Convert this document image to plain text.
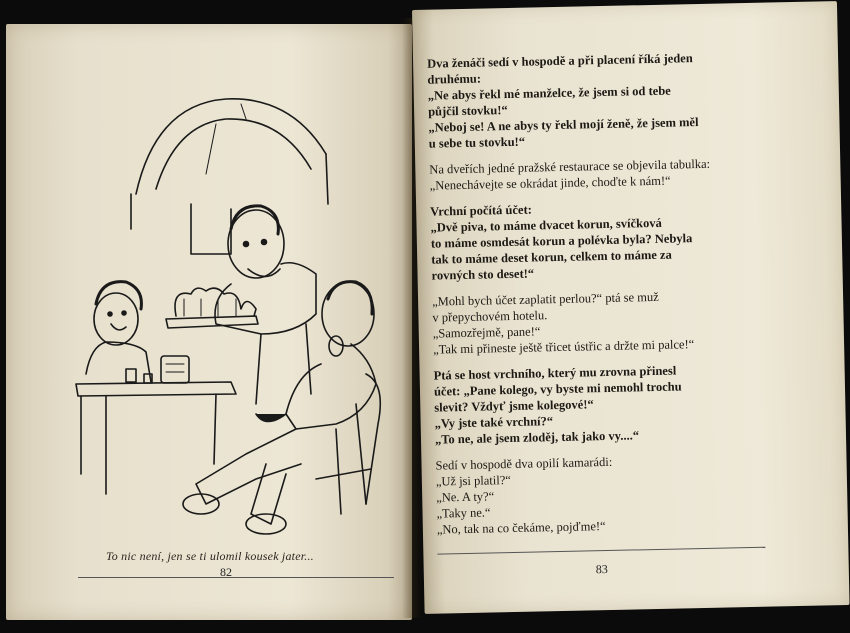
To nic není, jen se ti ulomil kousek jater...
82

Dva ženáči sedí v hospodě a při placení říká jeden
druhému:
„Ne abys řekl mé manželce, že jsem si od tebe
půjčil stovku!“
„Neboj se! A ne abys ty řekl mojí ženě, že jsem měl
u sebe tu stovku!“

Na dveřích jedné pražské restaurace se objevila tabulka:
„Nenechávejte se okrádat jinde, choďte k nám!“

Vrchní počítá účet:
„Dvě piva, to máme dvacet korun, svíčková
to máme osmdesát korun a polévka byla? Nebyla
tak to máme deset korun, celkem to máme za
rovných sto deset!“

„Mohl bych účet zaplatit perlou?“ ptá se muž
v přepychovém hotelu.
„Samozřejmě, pane!“
„Tak mi přineste ještě třicet ústřic a držte mi palce!“

Ptá se host vrchního, který mu zrovna přinesl
účet: „Pane kolego, vy byste mi nemohl trochu
slevit? Vždyť jsme kolegové!“
„Vy jste také vrchní?“
„To ne, ale jsem zloděj, tak jako vy....“

Sedí v hospodě dva opilí kamarádi:
„Už jsi platil?“
„Ne. A ty?“
„Taky ne.“
„No, tak na co čekáme, pojďme!“

83
